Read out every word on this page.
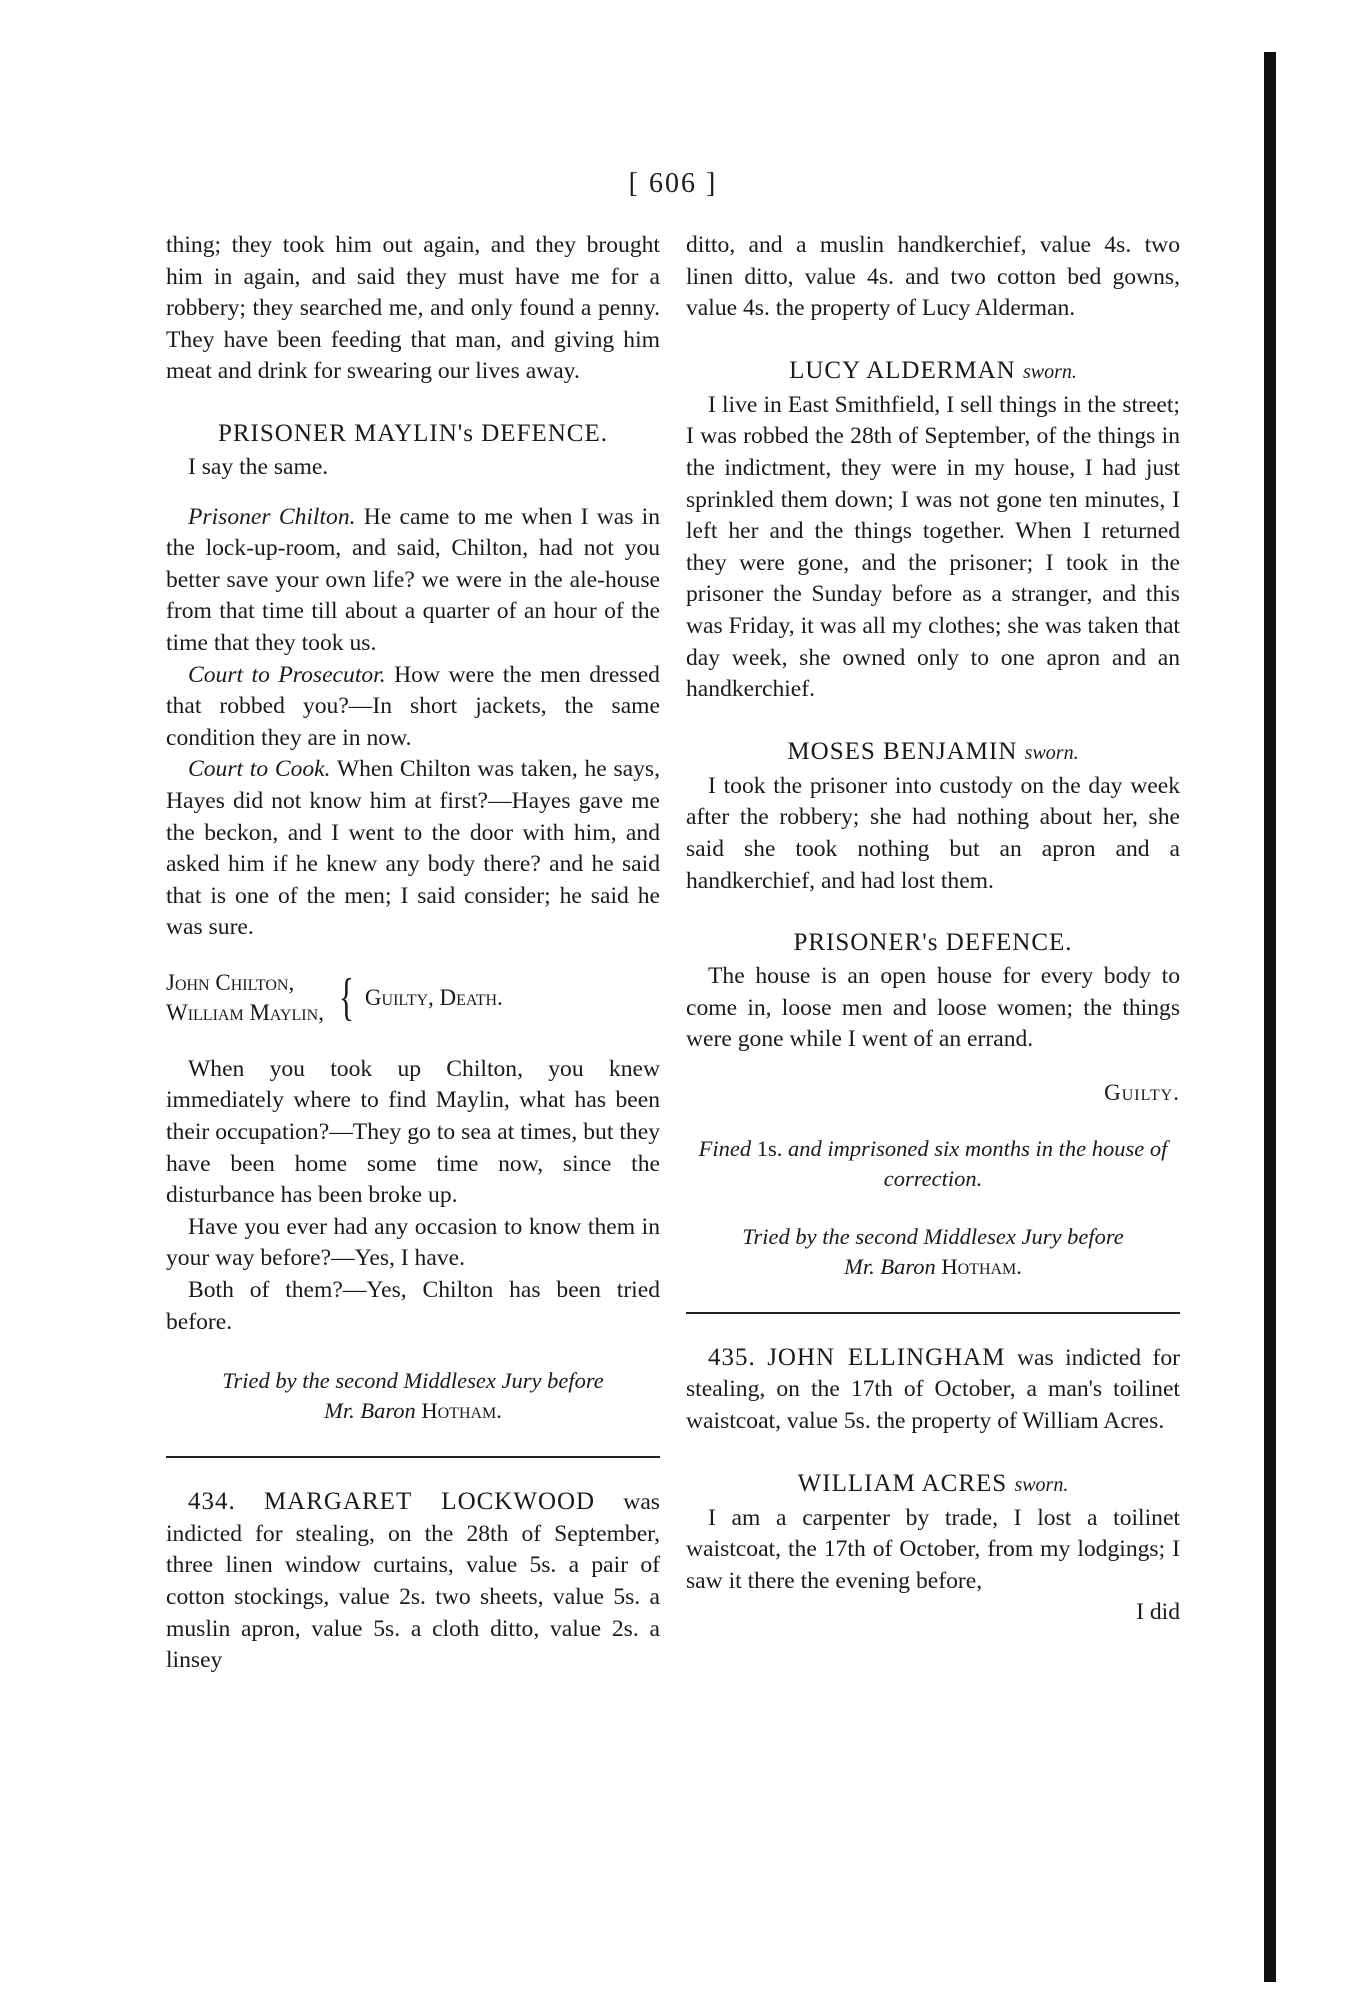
[ 606 ]

thing; they took him out again, and they brought him in again, and said they must have me for a robbery; they searched me, and only found a penny. They have been feeding that man, and giving him meat and drink for swearing our lives away.

PRISONER MAYLIN's DEFENCE.

I say the same.

Prisoner Chilton. He came to me when I was in the lock-up-room, and said, Chilton, had not you better save your own life? we were in the ale-house from that time till about a quarter of an hour of the time that they took us.

Court to Prosecutor. How were the men dressed that robbed you?—In short jackets, the same condition they are in now.

Court to Cook. When Chilton was taken, he says, Hayes did not know him at first?—Hayes gave me the beckon, and I went to the door with him, and asked him if he knew any body there? and he said that is one of the men; I said consider; he said he was sure.

John Chilton,
William Maylin, { Guilty, Death.

When you took up Chilton, you knew immediately where to find Maylin, what has been their occupation?—They go to sea at times, but they have been home some time now, since the disturbance has been broke up.

Have you ever had any occasion to know them in your way before?—Yes, I have.

Both of them?—Yes, Chilton has been tried before.

Tried by the second Middlesex Jury before
Mr. Baron Hotham.

434. MARGARET LOCKWOOD was indicted for stealing, on the 28th of September, three linen window curtains, value 5s. a pair of cotton stockings, value 2s. two sheets, value 5s. a muslin apron, value 5s. a cloth ditto, value 2s. a linsey

ditto, and a muslin handkerchief, value 4s. two linen ditto, value 4s. and two cotton bed gowns, value 4s. the property of Lucy Alderman.

LUCY ALDERMAN sworn.

I live in East Smithfield, I sell things in the street; I was robbed the 28th of September, of the things in the indictment, they were in my house, I had just sprinkled them down; I was not gone ten minutes, I left her and the things together. When I returned they were gone, and the prisoner; I took in the prisoner the Sunday before as a stranger, and this was Friday, it was all my clothes; she was taken that day week, she owned only to one apron and an handkerchief.

MOSES BENJAMIN sworn.

I took the prisoner into custody on the day week after the robbery; she had nothing about her, she said she took nothing but an apron and a handkerchief, and had lost them.

PRISONER's DEFENCE.

The house is an open house for every body to come in, loose men and loose women; the things were gone while I went of an errand.

Guilty.
Fined 1s. and imprisoned six months in the house of correction.
Tried by the second Middlesex Jury before
Mr. Baron Hotham.

435. JOHN ELLINGHAM was indicted for stealing, on the 17th of October, a man's toilinet waistcoat, value 5s. the property of William Acres.

WILLIAM ACRES sworn.

I am a carpenter by trade, I lost a toilinet waistcoat, the 17th of October, from my lodgings; I saw it there the evening before,

I did
